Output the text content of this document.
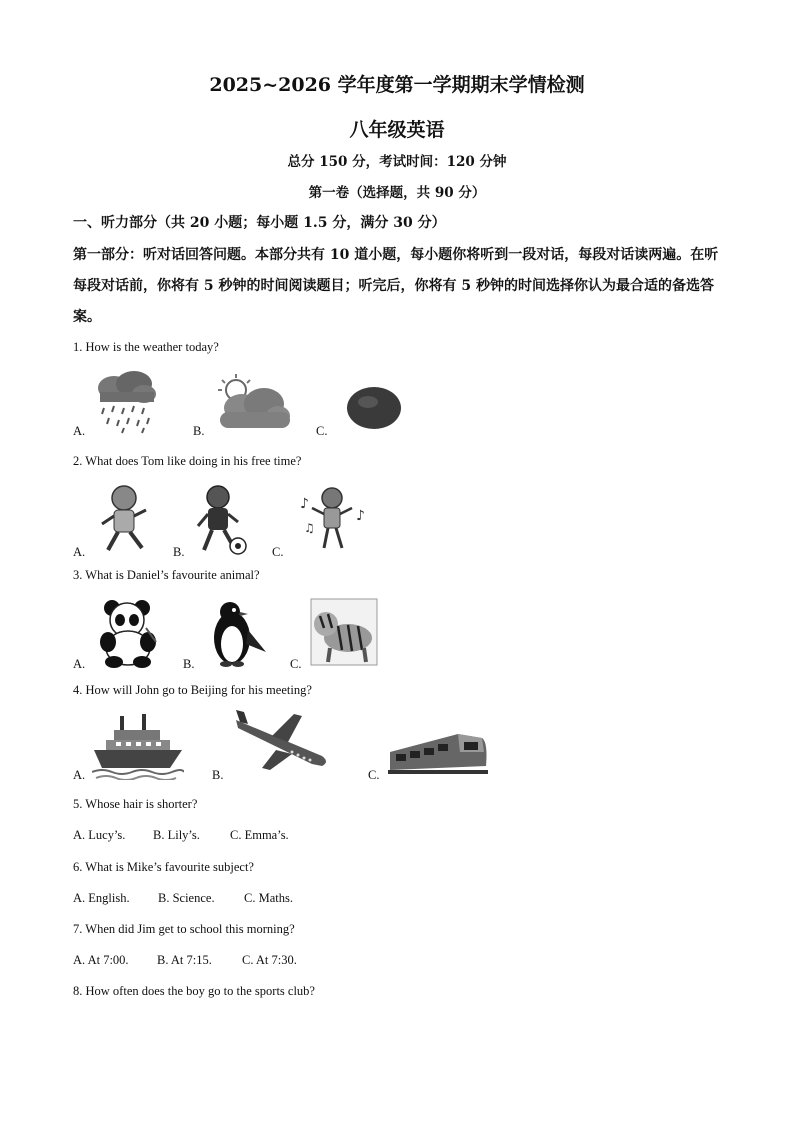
2025~2026 学年度第一学期期末学情检测
八年级英语
总分 150 分，考试时间：120 分钟
第一卷（选择题，共 90 分）
一、听力部分（共 20 小题；每小题 1.5 分，满分 30 分）
第一部分：听对话回答问题。本部分共有 10 道小题，每小题你将听到一段对话，每段对话读两遍。在听每段对话前，你将有 5 秒钟的时间阅读题目；听完后，你将有 5 秒钟的时间选择你认为最合适的备选答案。
1. How is the weather today?
A.	B.	C.
2. What does Tom like doing in his free time?
A.	B.	C.
♪
♫
♪
3. What is Daniel’s favourite animal?
A.	B.	C.
4. How will John go to Beijing for his meeting?
A.	B.	C.
5. Whose hair is shorter?
A. Lucy’s. B. Lily’s. C. Emma’s.
6. What is Mike’s favourite subject?
A. English. B. Science. C. Maths.
7. When did Jim get to school this morning?
A. At 7:00. B. At 7:15. C. At 7:30.
8. How often does the boy go to the sports club?
